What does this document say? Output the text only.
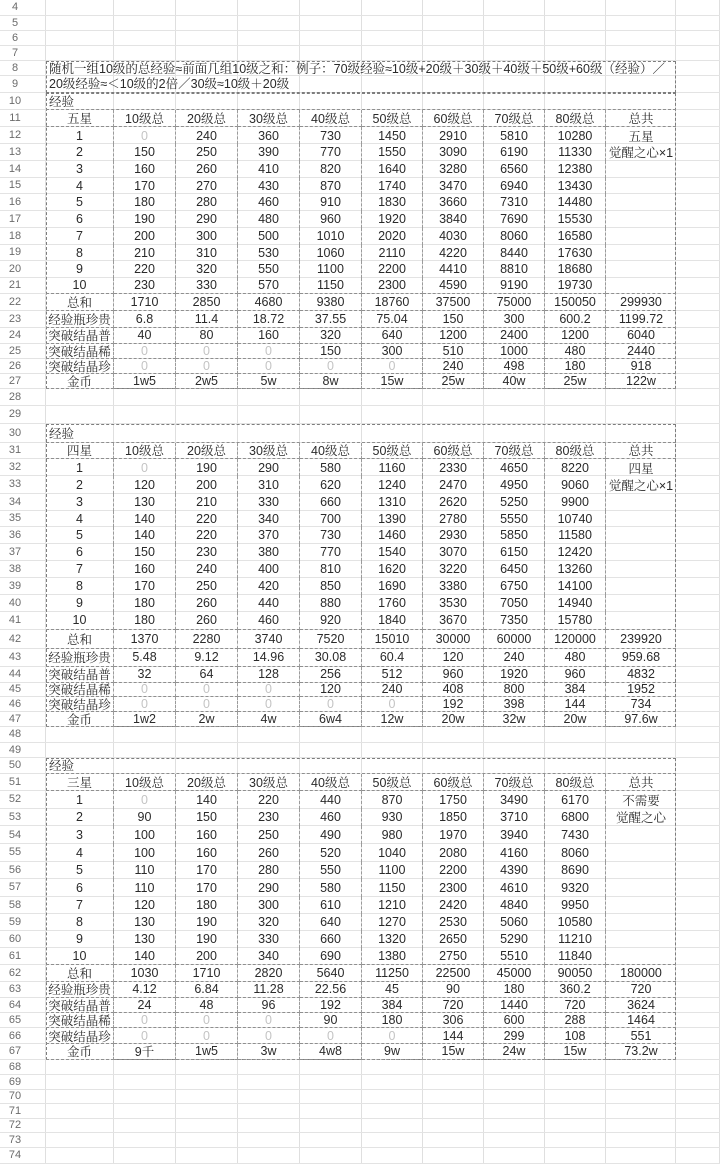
4
5
6
7
8
9
10
11
12
13
14
15
16
17
18
19
20
21
22
23
24
25
26
27
28
29
30
31
32
33
34
35
36
37
38
39
40
41
42
43
44
45
46
47
48
49
50
51
52
53
54
55
56
57
58
59
60
61
62
63
64
65
66
67
68
69
70
71
72
73
74
随机一组10级的总经验≈前面几组10级之和：例子：70级经验≈10级+20级＋30级＋40级＋50级+60级（经验）／20级经验≈＜10级的2倍／30级≈10级＋20级
经验
五星	10级总	20级总	30级总	40级总	50级总	60级总	70级总	80级总	总共
1	0	240	360	730	1450	2910	5810	10280	五星
2	150	250	390	770	1550	3090	6190	11330	觉醒之心×1
3	160	260	410	820	1640	3280	6560	12380
4	170	270	430	870	1740	3470	6940	13430
5	180	280	460	910	1830	3660	7310	14480
6	190	290	480	960	1920	3840	7690	15530
7	200	300	500	1010	2020	4030	8060	16580
8	210	310	530	1060	2110	4220	8440	17630
9	220	320	550	1100	2200	4410	8810	18680
10	230	330	570	1150	2300	4590	9190	19730
总和	1710	2850	4680	9380	18760	37500	75000	150050	299930
经验瓶珍贵	6.8	11.4	18.72	37.55	75.04	150	300	600.2	1199.72
突破结晶普	40	80	160	320	640	1200	2400	1200	6040
突破结晶稀	0	0	0	150	300	510	1000	480	2440
突破结晶珍	0	0	0	0	0	240	498	180	918
金币	1w5	2w5	5w	8w	15w	25w	40w	25w	122w
经验
四星	10级总	20级总	30级总	40级总	50级总	60级总	70级总	80级总	总共
1	0	190	290	580	1160	2330	4650	8220	四星
2	120	200	310	620	1240	2470	4950	9060	觉醒之心×1
3	130	210	330	660	1310	2620	5250	9900
4	140	220	340	700	1390	2780	5550	10740
5	140	220	370	730	1460	2930	5850	11580
6	150	230	380	770	1540	3070	6150	12420
7	160	240	400	810	1620	3220	6450	13260
8	170	250	420	850	1690	3380	6750	14100
9	180	260	440	880	1760	3530	7050	14940
10	180	260	460	920	1840	3670	7350	15780
总和	1370	2280	3740	7520	15010	30000	60000	120000	239920
经验瓶珍贵	5.48	9.12	14.96	30.08	60.4	120	240	480	959.68
突破结晶普	32	64	128	256	512	960	1920	960	4832
突破结晶稀	0	0	0	120	240	408	800	384	1952
突破结晶珍	0	0	0	0	0	192	398	144	734
金币	1w2	2w	4w	6w4	12w	20w	32w	20w	97.6w
经验
三星	10级总	20级总	30级总	40级总	50级总	60级总	70级总	80级总	总共
1	0	140	220	440	870	1750	3490	6170	不需要
2	90	150	230	460	930	1850	3710	6800	觉醒之心
3	100	160	250	490	980	1970	3940	7430
4	100	160	260	520	1040	2080	4160	8060
5	110	170	280	550	1100	2200	4390	8690
6	110	170	290	580	1150	2300	4610	9320
7	120	180	300	610	1210	2420	4840	9950
8	130	190	320	640	1270	2530	5060	10580
9	130	190	330	660	1320	2650	5290	11210
10	140	200	340	690	1380	2750	5510	11840
总和	1030	1710	2820	5640	11250	22500	45000	90050	180000
经验瓶珍贵	4.12	6.84	11.28	22.56	45	90	180	360.2	720
突破结晶普	24	48	96	192	384	720	1440	720	3624
突破结晶稀	0	0	0	90	180	306	600	288	1464
突破结晶珍	0	0	0	0	0	144	299	108	551
金币	9千	1w5	3w	4w8	9w	15w	24w	15w	73.2w
